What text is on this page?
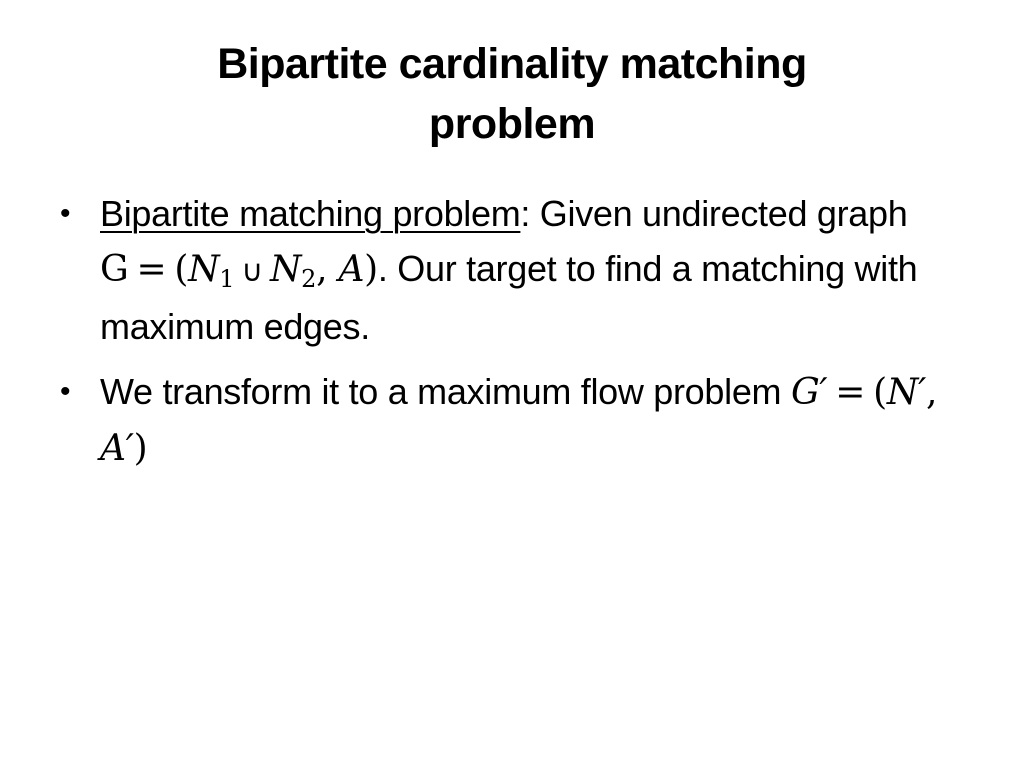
Bipartite cardinality matching
problem
• Bipartite matching problem: Given undirected graph $G = (N_1$ ∪ $N_2$, A). Our target to find a matching with maximum edges.
• We transform it to a maximum flow problem G′ = (N′, A′)
